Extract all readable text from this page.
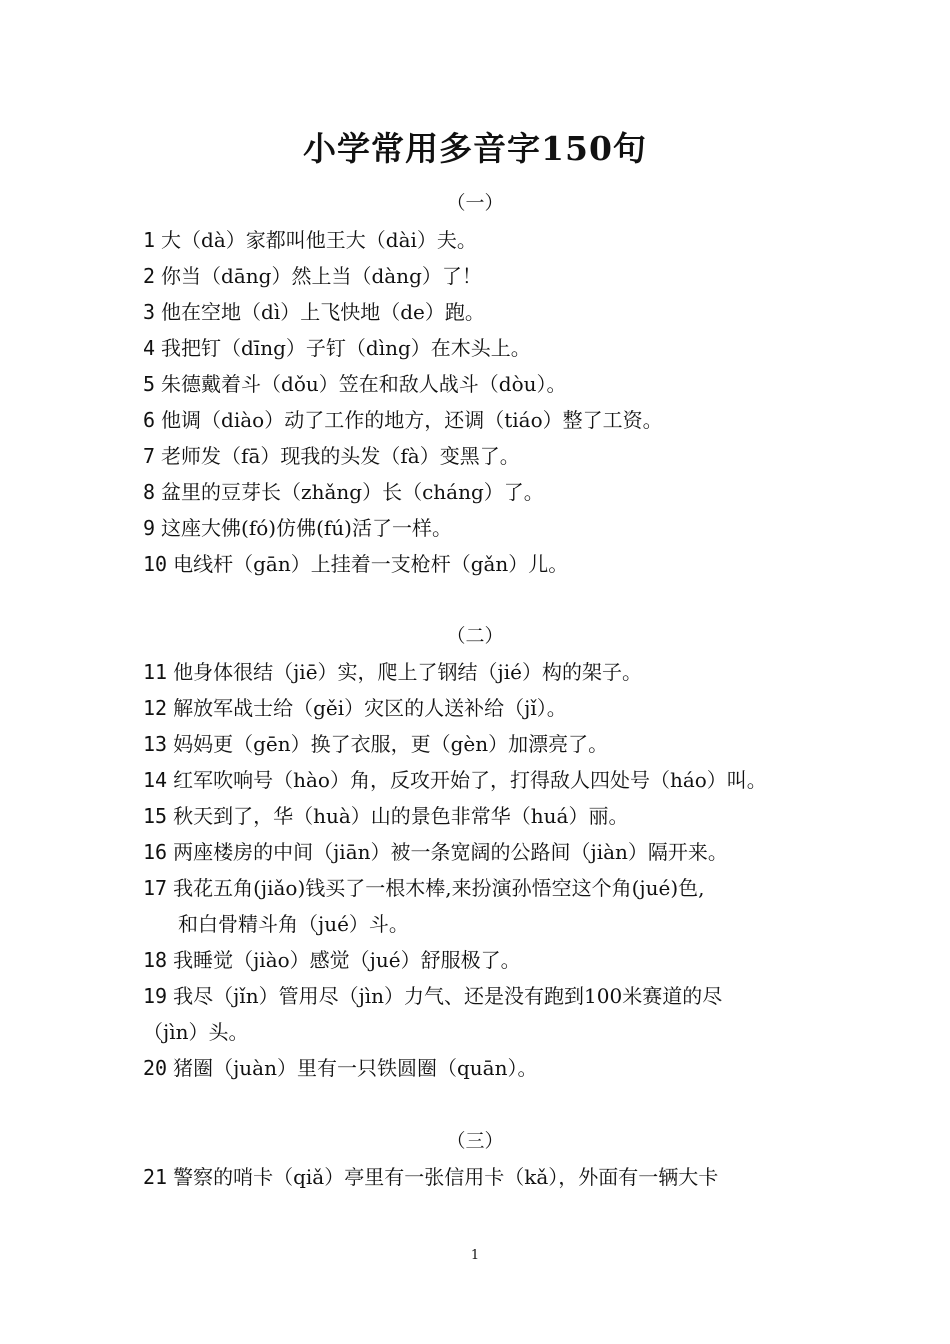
小学常用多音字150句
（一）
1 大（dà）家都叫他王大（dài）夫。
2 你当（dāng）然上当（dàng）了！
3 他在空地（dì）上飞快地（de）跑。
4 我把钉（dīng）子钉（dìng）在木头上。
5 朱德戴着斗（dǒu）笠在和敌人战斗（dòu）。
6 他调（diào）动了工作的地方，还调（tiáo）整了工资。
7 老师发（fā）现我的头发（fà）变黑了。
8 盆里的豆芽长（zhǎng）长（cháng）了。
9 这座大佛(fó)仿佛(fú)活了一样。
10 电线杆（gān）上挂着一支枪杆（gǎn）儿。
（二）
11 他身体很结（jiē）实，爬上了钢结（jié）构的架子。
12 解放军战士给（gěi）灾区的人送补给（jǐ）。
13 妈妈更（gēn）换了衣服，更（gèn）加漂亮了。
14 红军吹响号（hào）角，反攻开始了，打得敌人四处号（háo）叫。
15 秋天到了，华（huà）山的景色非常华（huá）丽。
16 两座楼房的中间（jiān）被一条宽阔的公路间（jiàn）隔开来。
17 我花五角(jiǎo)钱买了一根木棒,来扮演孙悟空这个角(jué)色,
和白骨精斗角（jué）斗。
18 我睡觉（jiào）感觉（jué）舒服极了。
19 我尽（jǐn）管用尽（jìn）力气、还是没有跑到100米赛道的尽
（jìn）头。
20 猪圈（juàn）里有一只铁圆圈（quān）。
（三）
21 警察的哨卡（qiǎ）亭里有一张信用卡（kǎ），外面有一辆大卡
1
